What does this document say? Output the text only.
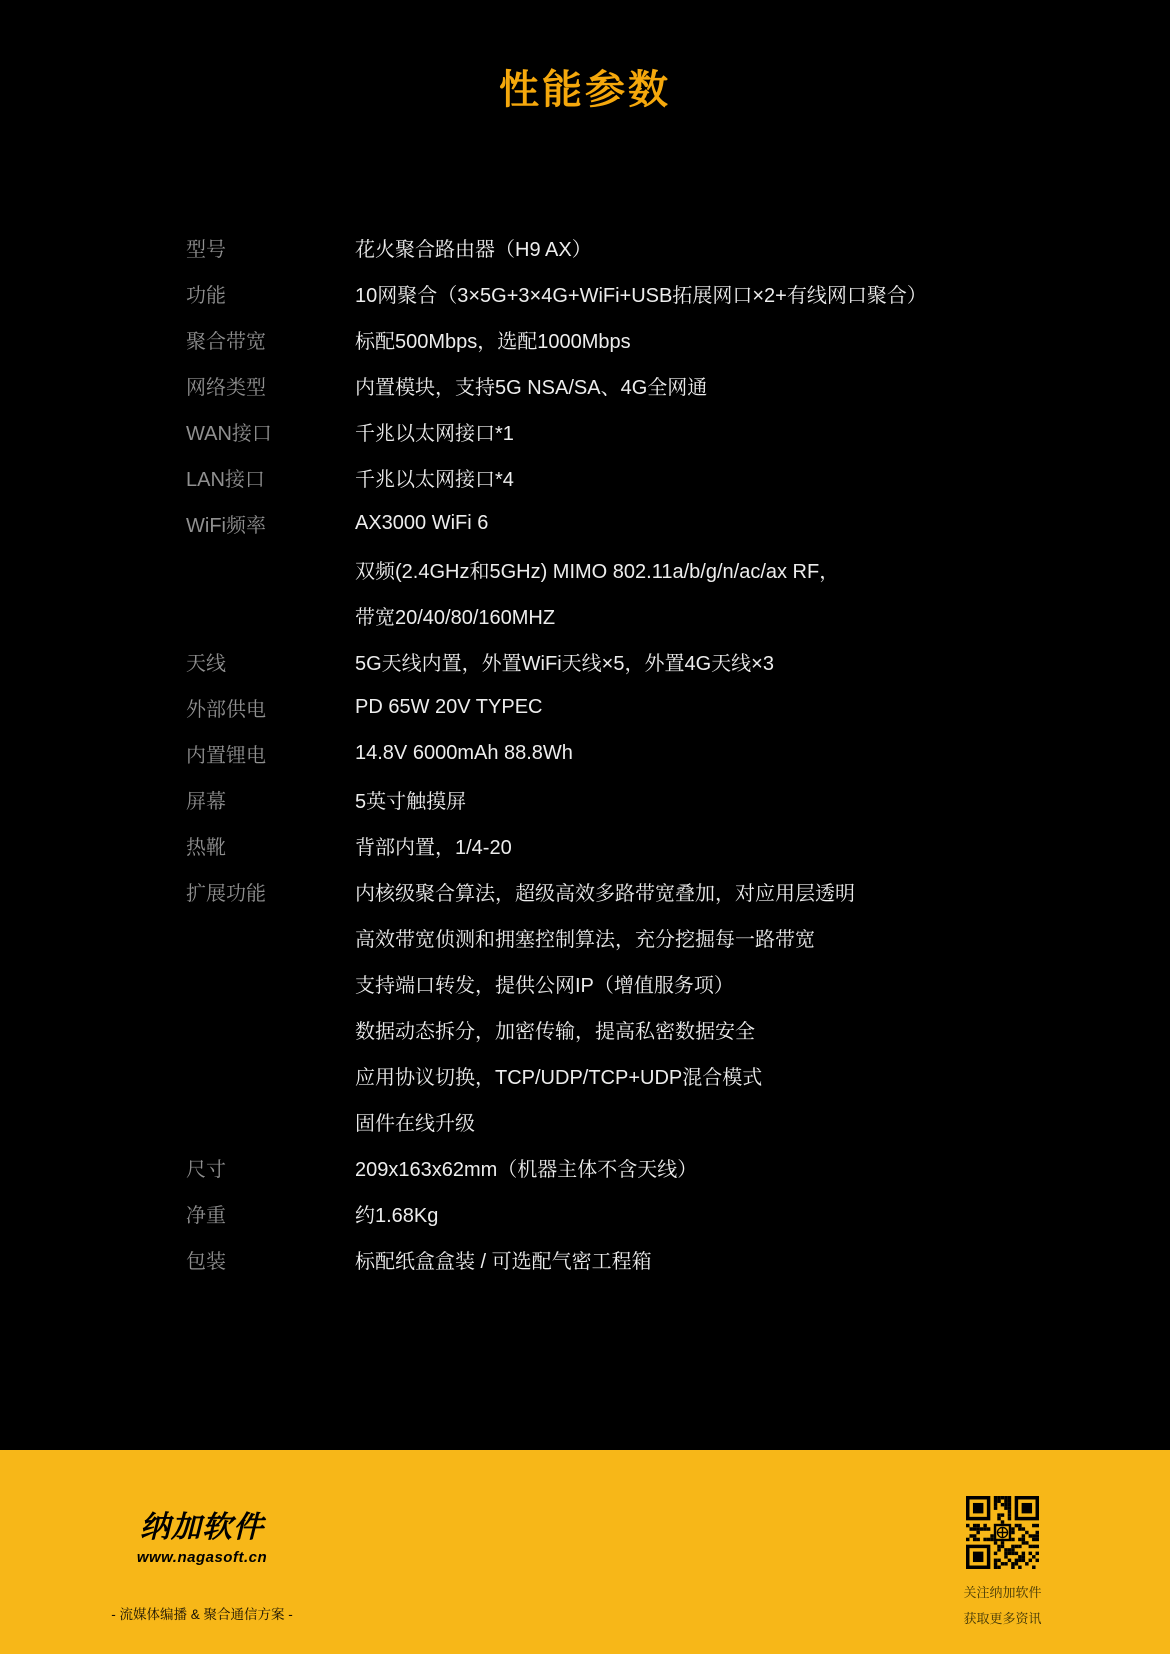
性能参数
型号	花火聚合路由器（H9 AX）
功能	10网聚合（3×5G+3×4G+WiFi+USB拓展网口×2+有线网口聚合）
聚合带宽	标配500Mbps，选配1000Mbps
网络类型	内置模块，支持5G NSA/SA、4G全网通
WAN接口	千兆以太网接口*1
LAN接口	千兆以太网接口*4
WiFi频率	AX3000 WiFi 6
双频(2.4GHz和5GHz) MIMO 802.11a/b/g/n/ac/ax RF，
带宽20/40/80/160MHZ
天线	5G天线内置，外置WiFi天线×5，外置4G天线×3
外部供电	PD 65W 20V TYPEC
内置锂电	14.8V 6000mAh 88.8Wh
屏幕	5英寸触摸屏
热靴	背部内置，1/4-20
扩展功能	内核级聚合算法，超级高效多路带宽叠加，对应用层透明
高效带宽侦测和拥塞控制算法，充分挖掘每一路带宽
支持端口转发，提供公网IP（增值服务项）
数据动态拆分，加密传输，提高私密数据安全
应用协议切换，TCP/UDP/TCP+UDP混合模式
固件在线升级
尺寸	209x163x62mm（机器主体不含天线）
净重	约1.68Kg
包装	标配纸盒盒装 / 可选配气密工程箱
纳加软件
www.nagasoft.cn
- 流媒体编播 & 聚合通信方案 -
关注纳加软件
获取更多资讯
